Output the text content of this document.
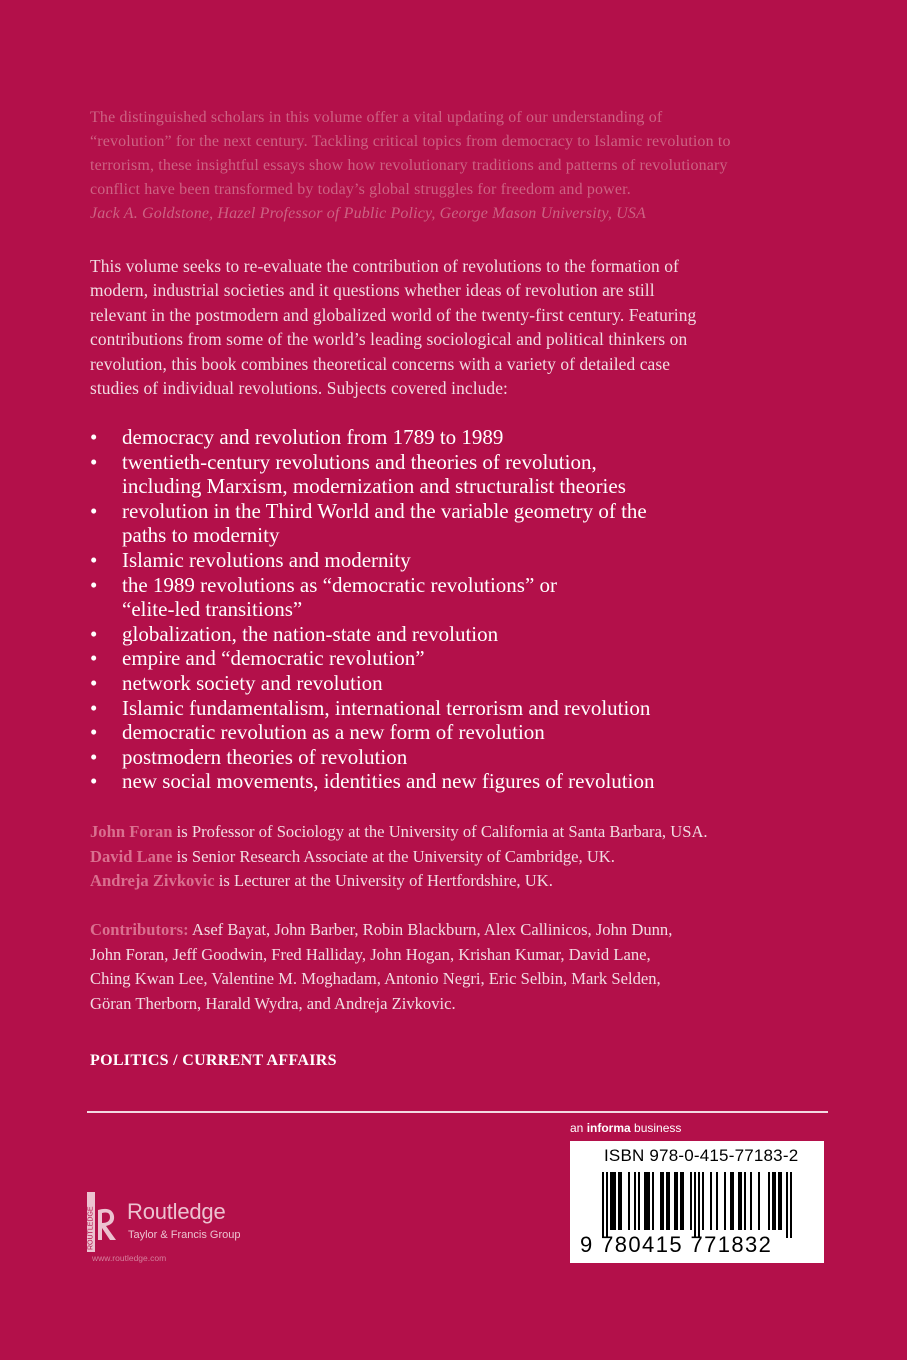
The distinguished scholars in this volume offer a vital updating of our understanding of
“revolution” for the next century. Tackling critical topics from democracy to Islamic revolution to
terrorism, these insightful essays show how revolutionary traditions and patterns of revolutionary
conflict have been transformed by today’s global struggles for freedom and power.
Jack A. Goldstone, Hazel Professor of Public Policy, George Mason University, USA
This volume seeks to re-evaluate the contribution of revolutions to the formation of
modern, industrial societies and it questions whether ideas of revolution are still
relevant in the postmodern and globalized world of the twenty-first century. Featuring
contributions from some of the world’s leading sociological and political thinkers on
revolution, this book combines theoretical concerns with a variety of detailed case
studies of individual revolutions. Subjects covered include:
•	democracy and revolution from 1789 to 1989
•	twentieth-century revolutions and theories of revolution,
including Marxism, modernization and structuralist theories
•	revolution in the Third World and the variable geometry of the
paths to modernity
•	Islamic revolutions and modernity
•	the 1989 revolutions as “democratic revolutions” or
“elite-led transitions”
•	globalization, the nation-state and revolution
•	empire and “democratic revolution”
•	network society and revolution
•	Islamic fundamentalism, international terrorism and revolution
•	democratic revolution as a new form of revolution
•	postmodern theories of revolution
•	new social movements, identities and new figures of revolution
John Foran is Professor of Sociology at the University of California at Santa Barbara, USA.
David Lane is Senior Research Associate at the University of Cambridge, UK.
Andreja Zivkovic is Lecturer at the University of Hertfordshire, UK.
Contributors: Asef Bayat, John Barber, Robin Blackburn, Alex Callinicos, John Dunn,
John Foran, Jeff Goodwin, Fred Halliday, John Hogan, Krishan Kumar, David Lane,
Ching Kwan Lee, Valentine M. Moghadam, Antonio Negri, Eric Selbin, Mark Selden,
Göran Therborn, Harald Wydra, and Andreja Zivkovic.
POLITICS / CURRENT AFFAIRS
an informa business
ISBN 978-0-415-77183-2
9 780415 771832
ROUTLEDGE Routledge
Taylor & Francis Group
www.routledge.com
